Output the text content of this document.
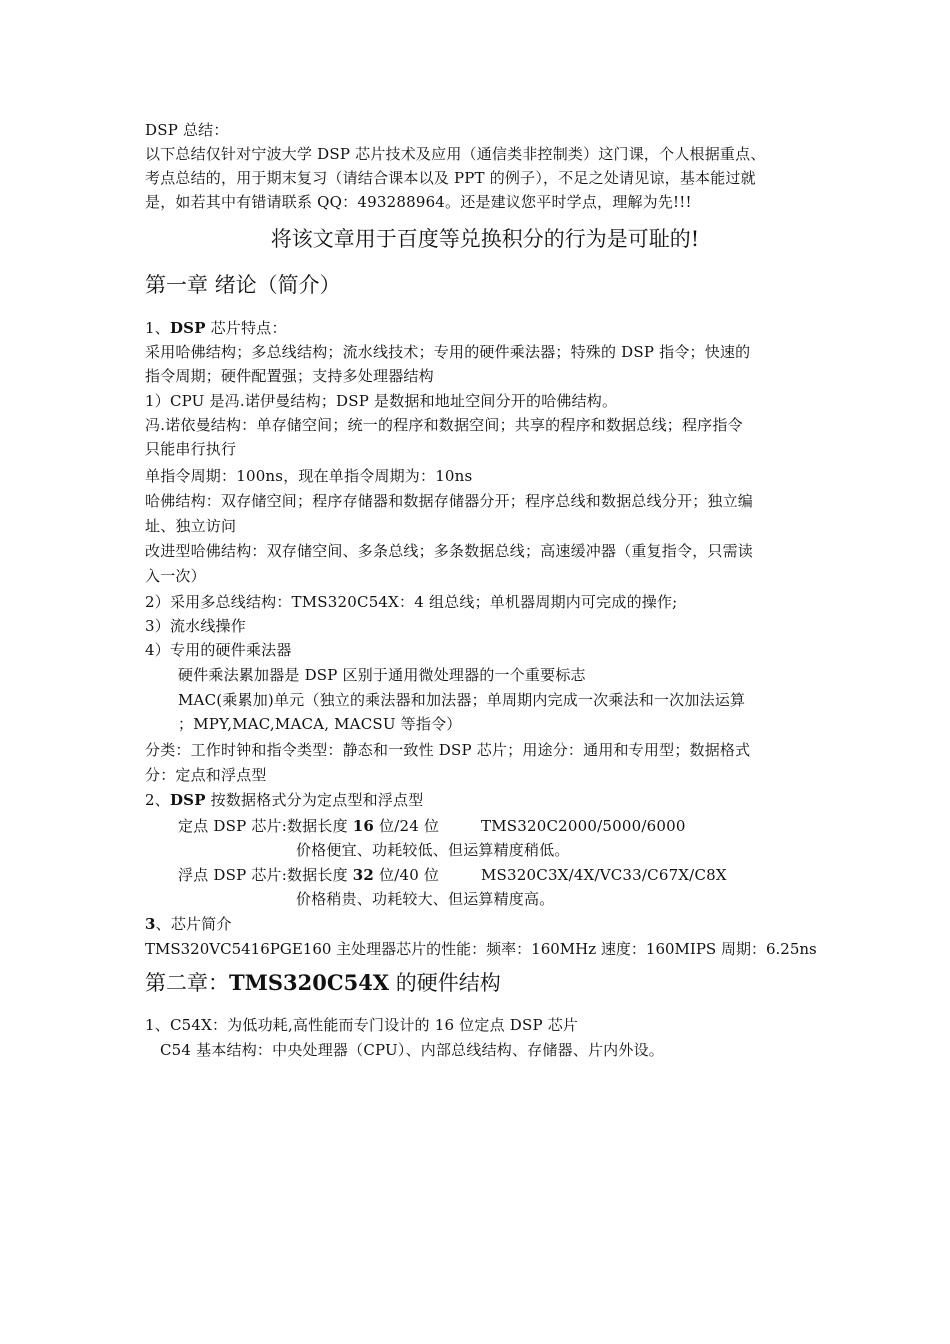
DSP 总结：
以下总结仅针对宁波大学 DSP 芯片技术及应用（通信类非控制类）这门课，个人根据重点、
考点总结的，用于期末复习（请结合课本以及 PPT 的例子），不足之处请见谅，基本能过就
是，如若其中有错请联系 QQ：493288964。还是建议您平时学点，理解为先!!!
将该文章用于百度等兑换积分的行为是可耻的!
第一章 绪论（简介）
1、DSP 芯片特点：
采用哈佛结构；多总线结构；流水线技术；专用的硬件乘法器；特殊的 DSP 指令；快速的
指令周期；硬件配置强；支持多处理器结构
1）CPU 是冯.诺伊曼结构；DSP 是数据和地址空间分开的哈佛结构。
冯.诺依曼结构：单存储空间；统一的程序和数据空间；共享的程序和数据总线；程序指令
只能串行执行
单指令周期：100ns，现在单指令周期为：10ns
哈佛结构：双存储空间；程序存储器和数据存储器分开；程序总线和数据总线分开；独立编
址、独立访问
改进型哈佛结构：双存储空间、多条总线；多条数据总线；高速缓冲器（重复指令，只需读
入一次）
2）采用多总线结构：TMS320C54X：4 组总线；单机器周期内可完成的操作;
3）流水线操作
4）专用的硬件乘法器
硬件乘法累加器是 DSP 区别于通用微处理器的一个重要标志
MAC(乘累加)单元（独立的乘法器和加法器；单周期内完成一次乘法和一次加法运算
；MPY,MAC,MACA, MACSU 等指令）
分类：工作时钟和指令类型：静态和一致性 DSP 芯片；用途分：通用和专用型；数据格式
分：定点和浮点型
2、DSP 按数据格式分为定点型和浮点型
定点 DSP 芯片:数据长度 16 位/24 位	TMS320C2000/5000/6000
价格便宜、功耗较低、但运算精度稍低。
浮点 DSP 芯片:数据长度 32 位/40 位	MS320C3X/4X/VC33/C67X/C8X
价格稍贵、功耗较大、但运算精度高。
3、芯片简介
TMS320VC5416PGE160 主处理器芯片的性能：频率：160MHz 速度：160MIPS 周期：6.25ns
第二章：TMS320C54X 的硬件结构
1、C54X：为低功耗,高性能而专门设计的 16 位定点 DSP 芯片
C54 基本结构：中央处理器（CPU）、内部总线结构、存储器、片内外设。
